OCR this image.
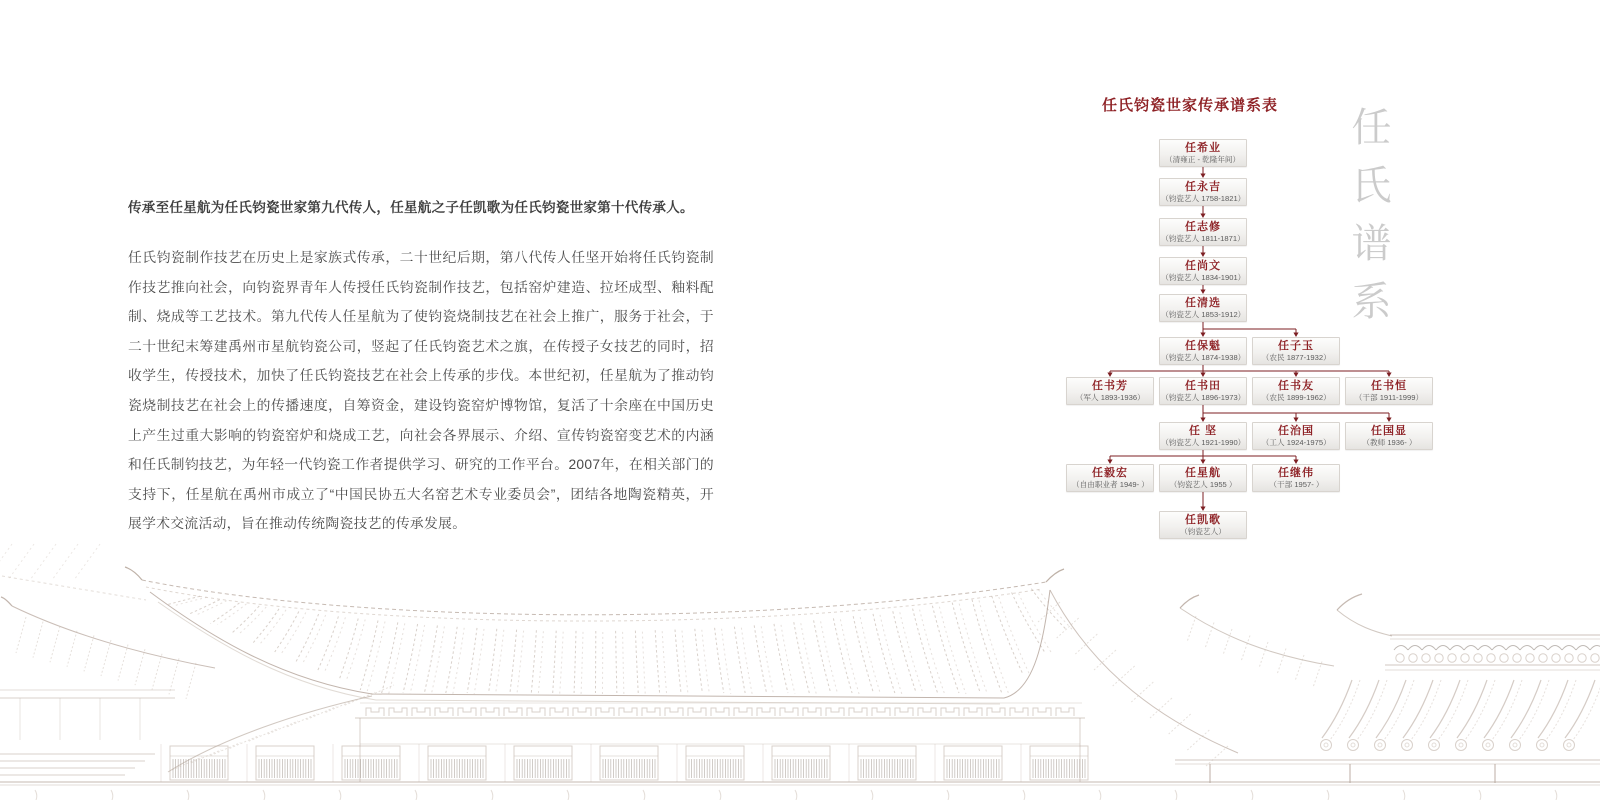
传承至任星航为任氏钧瓷世家第九代传人，任星航之子任凯歌为任氏钧瓷世家第十代传承人。
任氏钧瓷制作技艺在历史上是家族式传承，二十世纪后期，第八代传人任坚开始将任氏钧瓷制作技艺推向社会，向钧瓷界青年人传授任氏钧瓷制作技艺，包括窑炉建造、拉坯成型、釉料配制、烧成等工艺技术。第九代传人任星航为了使钧瓷烧制技艺在社会上推广，服务于社会，于二十世纪末筹建禹州市星航钧瓷公司，竖起了任氏钧瓷艺术之旗，在传授子女技艺的同时，招收学生，传授技术，加快了任氏钧瓷技艺在社会上传承的步伐。本世纪初，任星航为了推动钧瓷烧制技艺在社会上的传播速度，自筹资金，建设钧瓷窑炉博物馆，复活了十余座在中国历史上产生过重大影响的钧瓷窑炉和烧成工艺，向社会各界展示、介绍、宣传钧瓷窑变艺术的内涵和任氏制钧技艺，为年轻一代钧瓷工作者提供学习、研究的工作平台。2007年，在相关部门的支持下，任星航在禹州市成立了“中国民协五大名窑艺术专业委员会”，团结各地陶瓷精英，开展学术交流活动，旨在推动传统陶瓷技艺的传承发展。
任氏钧瓷世家传承谱系表
任希业
（清雍正 - 乾隆年间）
任永吉
（钧瓷艺人 1758-1821）
任志修
（钧瓷艺人 1811-1871）
任尚文
（钧瓷艺人 1834-1901）
任清选
（钧瓷艺人 1853-1912）
任保魁
（钧瓷艺人 1874-1938）
任子玉
（农民 1877-1932）
任书芳
（军人 1893-1936）
任书田
（钧瓷艺人 1896-1973）
任书友
（农民 1899-1962）
任书恒
（干部 1911-1999）
任 坚
（钧瓷艺人 1921-1990）
任治国
（工人 1924-1975）
任国显
（教师 1936- ）
任毅宏
（自由职业者 1949- ）
任星航
（钧瓷艺人 1955 ）
任继伟
（干部 1957- ）
任凯歌
（钧瓷艺人）
任氏谱系
